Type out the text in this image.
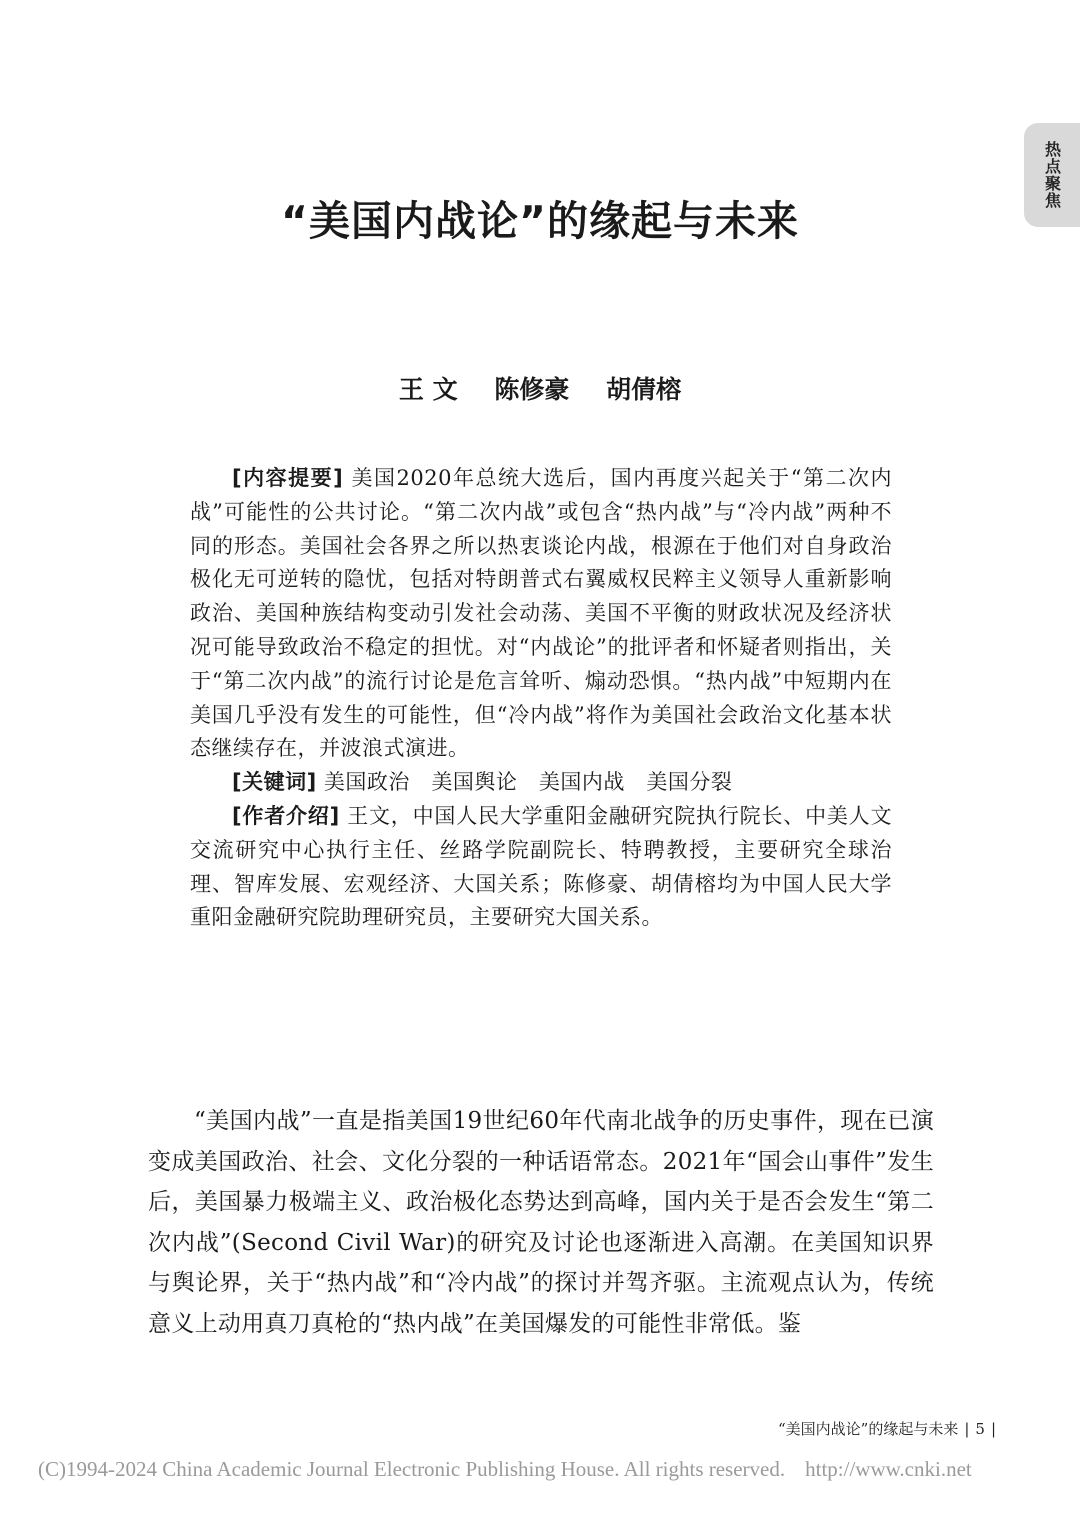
热点聚焦
“美国内战论”的缘起与未来
王 文 陈修豪 胡倩榕

[内容提要] 美国2020年总统大选后，国内再度兴起关于“第二次内战”可能性的公共讨论。“第二次内战”或包含“热内战”与“冷内战”两种不同的形态。美国社会各界之所以热衷谈论内战，根源在于他们对自身政治极化无可逆转的隐忧，包括对特朗普式右翼威权民粹主义领导人重新影响政治、美国种族结构变动引发社会动荡、美国不平衡的财政状况及经济状况可能导致政治不稳定的担忧。对“内战论”的批评者和怀疑者则指出，关于“第二次内战”的流行讨论是危言耸听、煽动恐惧。“热内战”中短期内在美国几乎没有发生的可能性，但“冷内战”将作为美国社会政治文化基本状态继续存在，并波浪式演进。

[关键词] 美国政治　美国舆论　美国内战　美国分裂

[作者介绍] 王文，中国人民大学重阳金融研究院执行院长、中美人文交流研究中心执行主任、丝路学院副院长、特聘教授，主要研究全球治理、智库发展、宏观经济、大国关系；陈修豪、胡倩榕均为中国人民大学重阳金融研究院助理研究员，主要研究大国关系。

“美国内战”一直是指美国19世纪60年代南北战争的历史事件，现在已演变成美国政治、社会、文化分裂的一种话语常态。2021年“国会山事件”发生后，美国暴力极端主义、政治极化态势达到高峰，国内关于是否会发生“第二次内战”(Second Civil War)的研究及讨论也逐渐进入高潮。在美国知识界与舆论界，关于“热内战”和“冷内战”的探讨并驾齐驱。主流观点认为，传统意义上动用真刀真枪的“热内战”在美国爆发的可能性非常低。鉴

“美国内战论”的缘起与未来 | 5 |
(C)1994-2024 China Academic Journal Electronic Publishing House. All rights reserved. http://www.cnki.net
